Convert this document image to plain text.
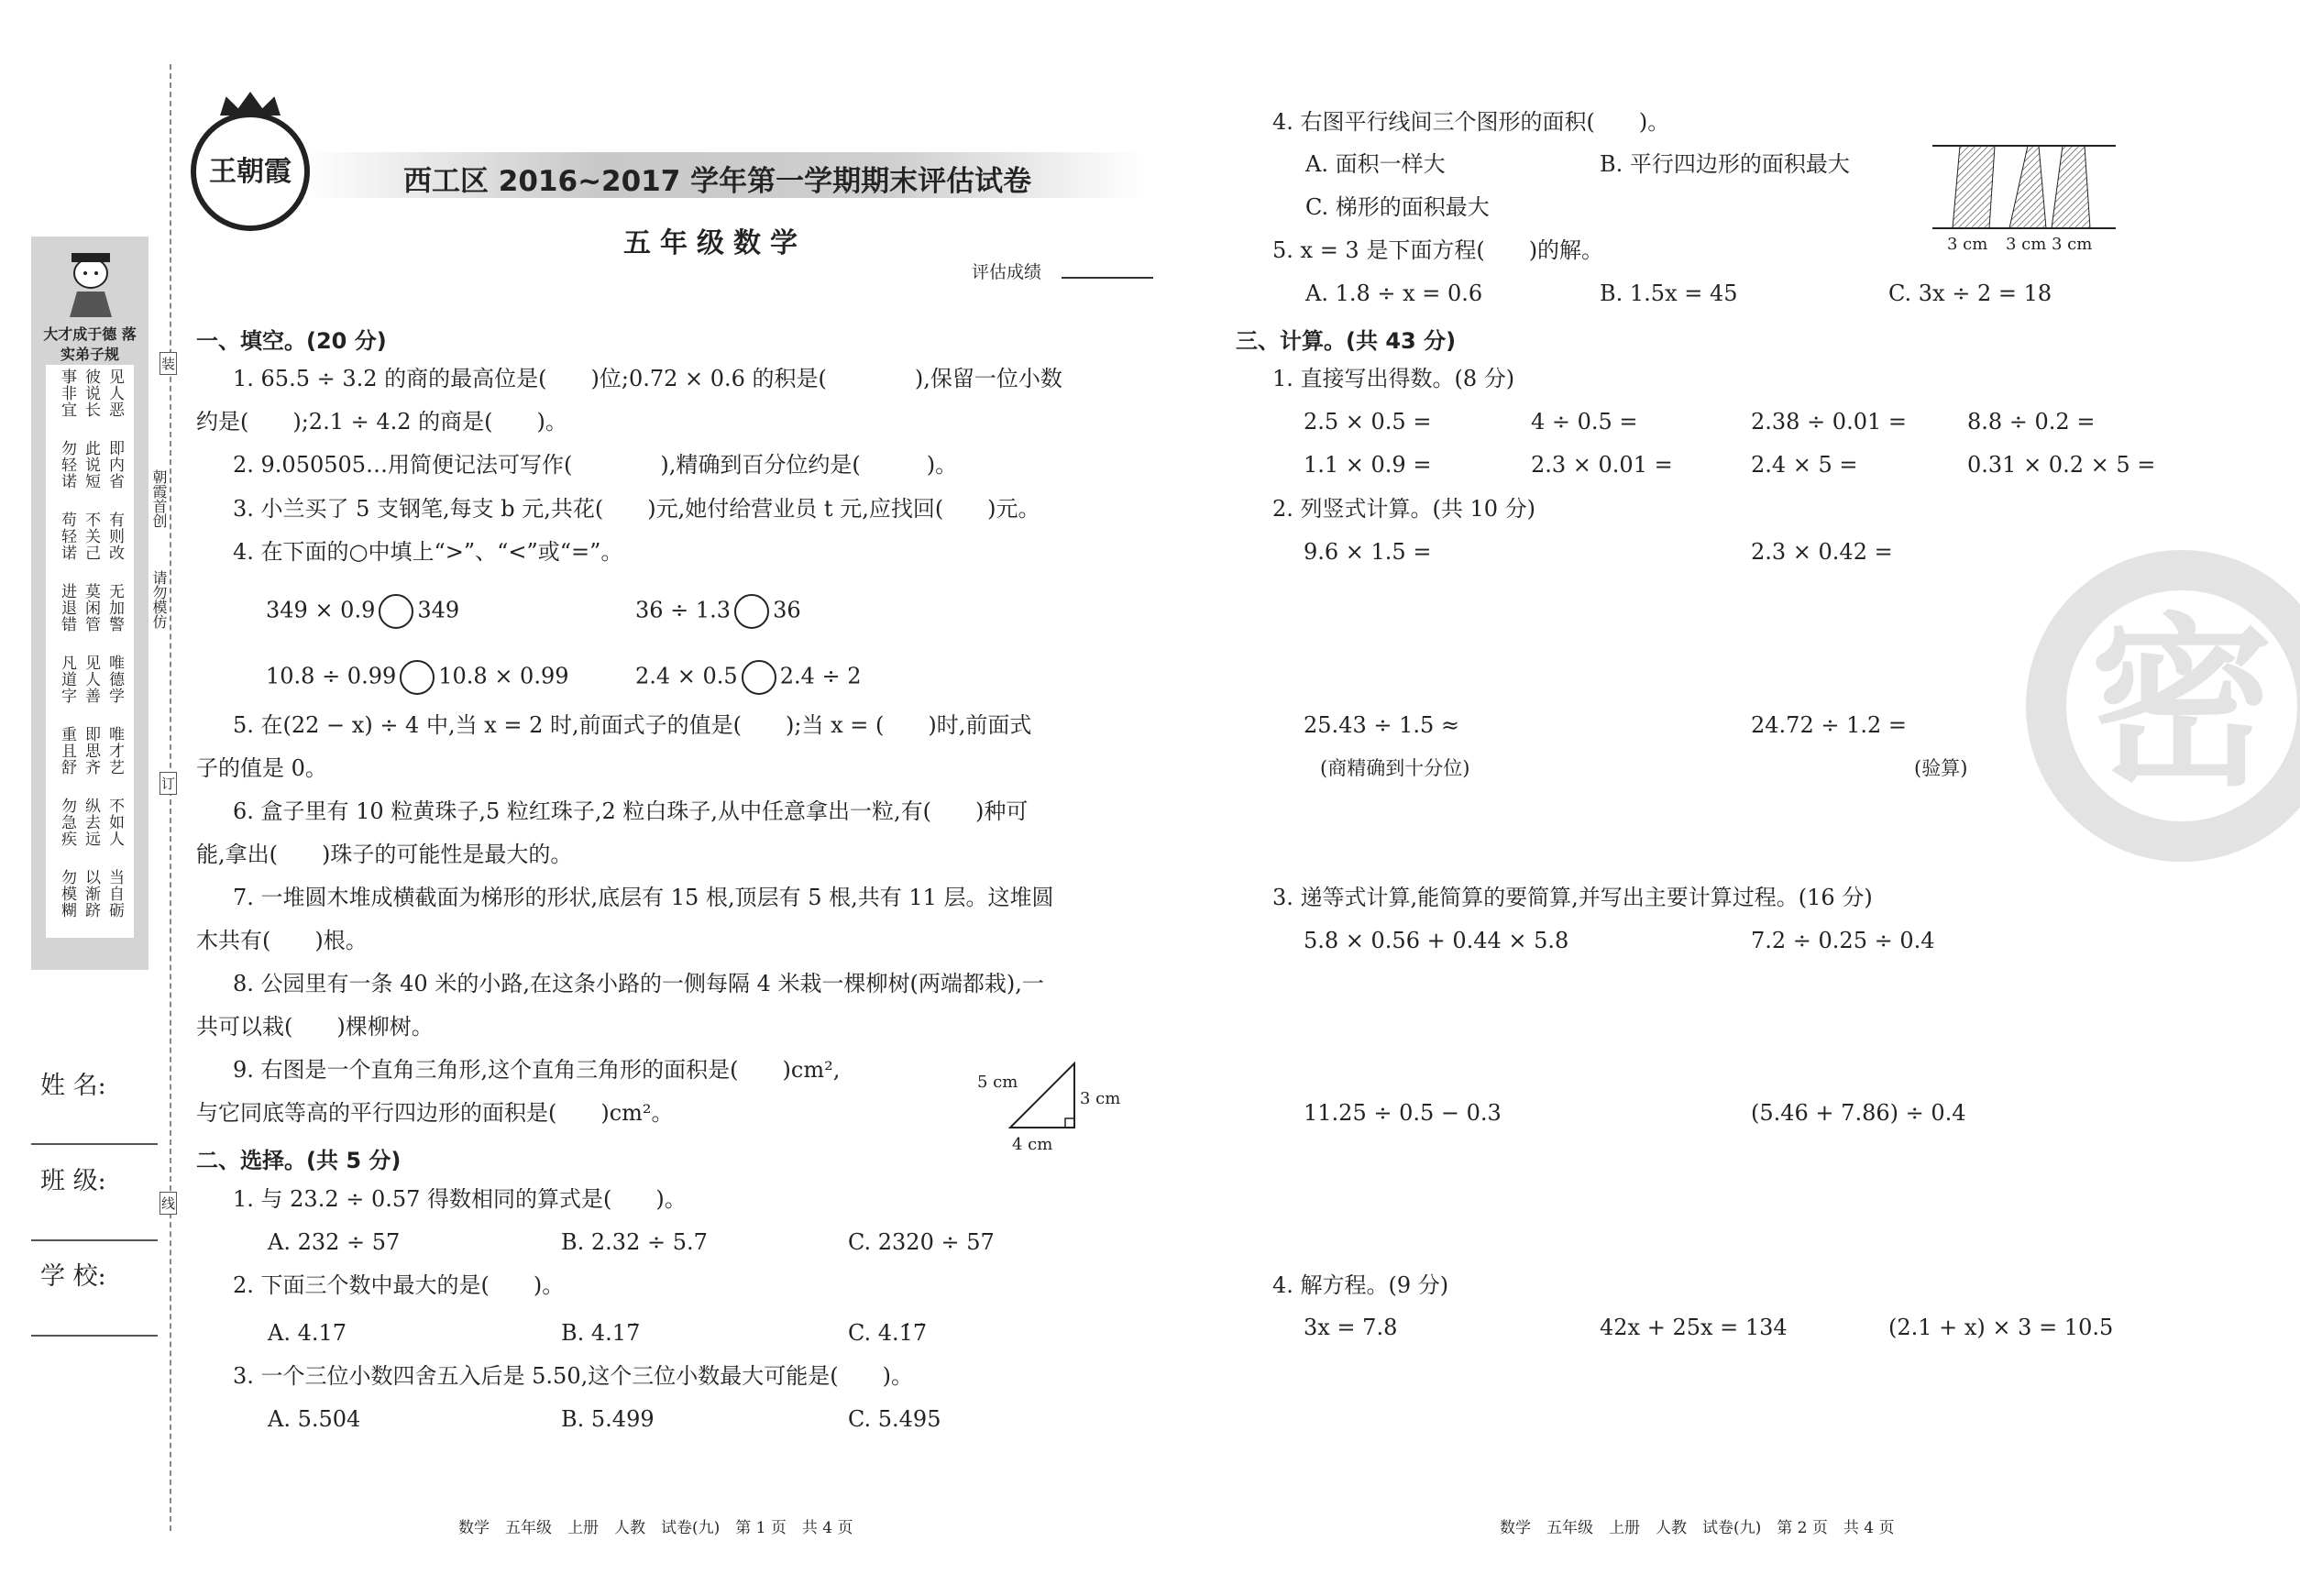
密
大才成于德 落实弟子规
见人恶
彼说长
事非宜
即内省
此说短
勿轻诺
有则改
不关己
苟轻诺
无加警
莫闲管
进退错
唯德学
见人善
凡道字
唯才艺
即思齐
重且舒
不如人
纵去远
勿急疾
当自砺
以渐跻
勿模糊
朝霞首创
请勿模仿
装
订
线
姓 名:
班 级:
学 校:
王朝霞	西工区 2016~2017 学年第一学期期末评估试卷
五年级数学
评估成绩
一、填空。(20 分)
1. 65.5 ÷ 3.2 的商的最高位是(　　)位;0.72 × 0.6 的积是(　　　　),保留一位小数
约是(　　);2.1 ÷ 4.2 的商是(　　)。
2. 9.050505…用简便记法可写作(　　　　),精确到百分位约是(　　　)。
3. 小兰买了 5 支钢笔,每支 b 元,共花(　　)元,她付给营业员 t 元,应找回(　　)元。
4. 在下面的○中填上“>”、“<”或“=”。
349 × 0.9 349	36 ÷ 1.3 36
10.8 ÷ 0.99 10.8 × 0.99	2.4 × 0.5 2.4 ÷ 2
5. 在(22 − x) ÷ 4 中,当 x = 2 时,前面式子的值是(　　);当 x = (　　)时,前面式
子的值是 0。
6. 盒子里有 10 粒黄珠子,5 粒红珠子,2 粒白珠子,从中任意拿出一粒,有(　　)种可
能,拿出(　　)珠子的可能性是最大的。
7. 一堆圆木堆成横截面为梯形的形状,底层有 15 根,顶层有 5 根,共有 11 层。这堆圆
木共有(　　)根。
8. 公园里有一条 40 米的小路,在这条小路的一侧每隔 4 米栽一棵柳树(两端都栽),一
共可以栽(　　)棵柳树。
9. 右图是一个直角三角形,这个直角三角形的面积是(　　)cm²,
与它同底等高的平行四边形的面积是(　　)cm²。
5 cm
3 cm
4 cm
二、选择。(共 5 分)
1. 与 23.2 ÷ 0.57 得数相同的算式是(　　)。
A. 232 ÷ 57	B. 2.32 ÷ 5.7	C. 2320 ÷ 57
2. 下面三个数中最大的是(　　)。
A. 4.17	B. 4.17̇	C. 4.1̇7̇
3. 一个三位小数四舍五入后是 5.50,这个三位小数最大可能是(　　)。
A. 5.504	B. 5.499	C. 5.495
数学　五年级　上册　人教　试卷(九)　第 1 页　共 4 页
4. 右图平行线间三个图形的面积(　　)。
A. 面积一样大	B. 平行四边形的面积最大
C. 梯形的面积最大
3 cm 3 cm 3 cm
5. x = 3 是下面方程(　　)的解。
A. 1.8 ÷ x = 0.6	B. 1.5x = 45	C. 3x ÷ 2 = 18
三、计算。(共 43 分)
1. 直接写出得数。(8 分)
2.5 × 0.5 =	4 ÷ 0.5 =	2.38 ÷ 0.01 =	8.8 ÷ 0.2 =
1.1 × 0.9 =	2.3 × 0.01 =	2.4 × 5 =	0.31 × 0.2 × 5 =
2. 列竖式计算。(共 10 分)
9.6 × 1.5 =	2.3 × 0.42 =
25.43 ÷ 1.5 ≈	24.72 ÷ 1.2 =
(商精确到十分位)	(验算)
3. 递等式计算,能简算的要简算,并写出主要计算过程。(16 分)
5.8 × 0.56 + 0.44 × 5.8	7.2 ÷ 0.25 ÷ 0.4
11.25 ÷ 0.5 − 0.3	(5.46 + 7.86) ÷ 0.4
4. 解方程。(9 分)
3x = 7.8	42x + 25x = 134	(2.1 + x) × 3 = 10.5
数学　五年级　上册　人教　试卷(九)　第 2 页　共 4 页
